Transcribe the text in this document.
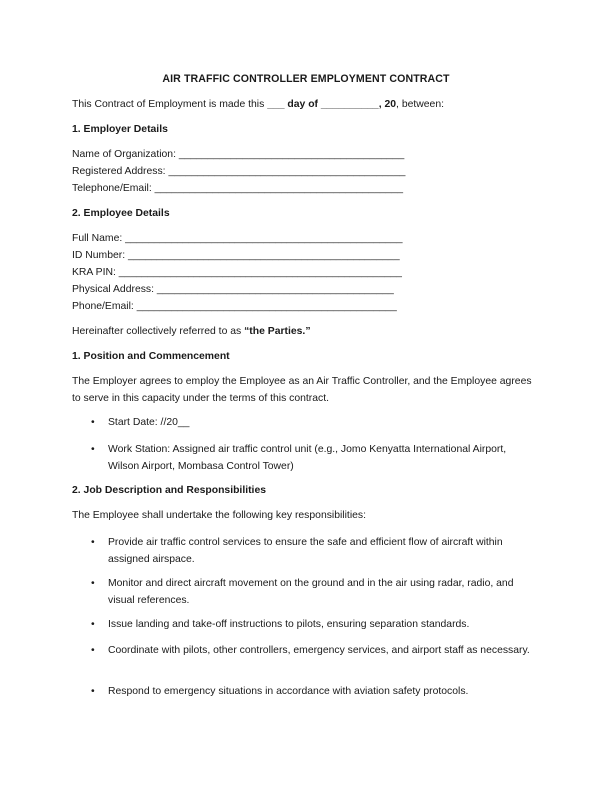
AIR TRAFFIC CONTROLLER EMPLOYMENT CONTRACT
This Contract of Employment is made this ___ day of __________, 20, between:
1. Employer Details
Name of Organization: _______________________________________
Registered Address: _________________________________________
Telephone/Email: ___________________________________________
2. Employee Details
Full Name: ________________________________________________
ID Number: _______________________________________________
KRA PIN: _________________________________________________
Physical Address: _________________________________________
Phone/Email: _____________________________________________
Hereinafter collectively referred to as “the Parties.”
1. Position and Commencement
The Employer agrees to employ the Employee as an Air Traffic Controller, and the Employee agrees to serve in this capacity under the terms of this contract.
• Start Date: //20__
• Work Station: Assigned air traffic control unit (e.g., Jomo Kenyatta International Airport, Wilson Airport, Mombasa Control Tower)
2. Job Description and Responsibilities
The Employee shall undertake the following key responsibilities:
• Provide air traffic control services to ensure the safe and efficient flow of aircraft within assigned airspace.
• Monitor and direct aircraft movement on the ground and in the air using radar, radio, and visual references.
• Issue landing and take-off instructions to pilots, ensuring separation standards.
• Coordinate with pilots, other controllers, emergency services, and airport staff as necessary.
• Respond to emergency situations in accordance with aviation safety protocols.
